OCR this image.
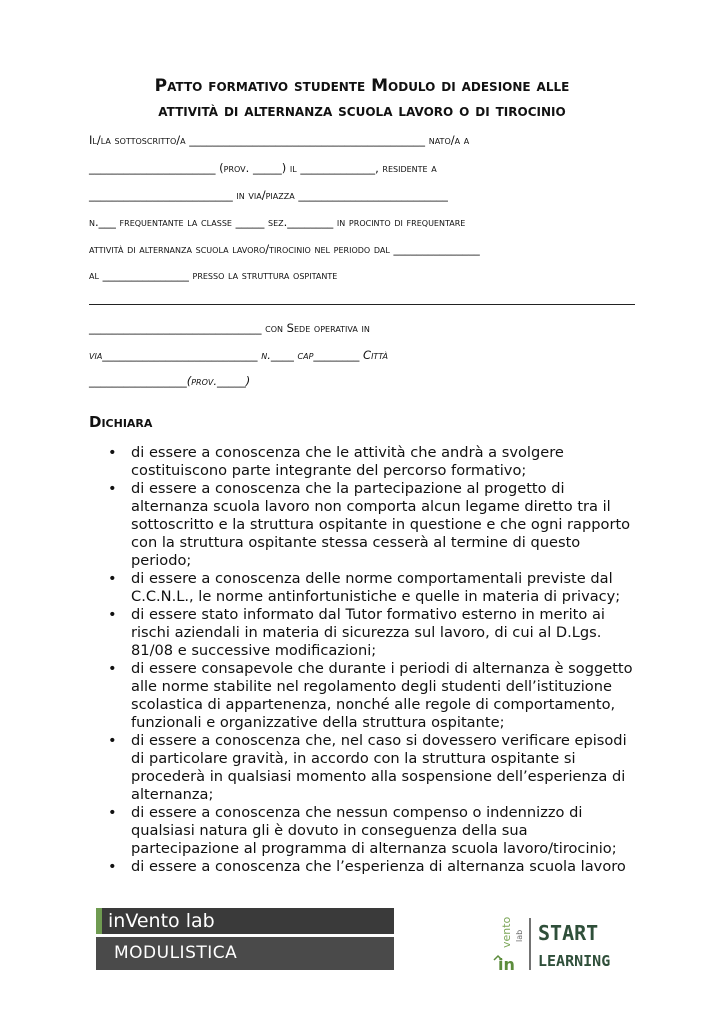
Patto formativo studente Modulo di adesione alle
attività di alternanza scuola lavoro o di tirocinio
Il/la sottoscritto/a _________________________________________ nato/a a
______________________ (prov. _____) il _____________, residente a
_________________________ in via/piazza __________________________
n.___ frequentante la classe _____ sez.________ in procinto di frequentare
attività di alternanza scuola lavoro/tirocinio nel periodo dal _______________
al _______________ presso la struttura ospitante
______________________________ con Sede operativa in
via___________________________ n.____ cap________ Città
_________________(prov._____)
Dichiara
• di essere a conoscenza che le attività che andrà a svolgere
costituiscono parte integrante del percorso formativo;
• di essere a conoscenza che la partecipazione al progetto di
alternanza scuola lavoro non comporta alcun legame diretto tra il
sottoscritto e la struttura ospitante in questione e che ogni rapporto
con la struttura ospitante stessa cesserà al termine di questo
periodo;
• di essere a conoscenza delle norme comportamentali previste dal
C.C.N.L., le norme antinfortunistiche e quelle in materia di privacy;
• di essere stato informato dal Tutor formativo esterno in merito ai
rischi aziendali in materia di sicurezza sul lavoro, di cui al D.Lgs.
81/08 e successive modificazioni;
• di essere consapevole che durante i periodi di alternanza è soggetto
alle norme stabilite nel regolamento degli studenti dell’istituzione
scolastica di appartenenza, nonché alle regole di comportamento,
funzionali e organizzative della struttura ospitante;
• di essere a conoscenza che, nel caso si dovessero verificare episodi
di particolare gravità, in accordo con la struttura ospitante si
procederà in qualsiasi momento alla sospensione dell’esperienza di
alternanza;
• di essere a conoscenza che nessun compenso o indennizzo di
qualsiasi natura gli è dovuto in conseguenza della sua
partecipazione al programma di alternanza scuola lavoro/tirocinio;
• di essere a conoscenza che l’esperienza di alternanza scuola lavoro
inVento lab
MODULISTICA
in
vento lab START
LEARNING
